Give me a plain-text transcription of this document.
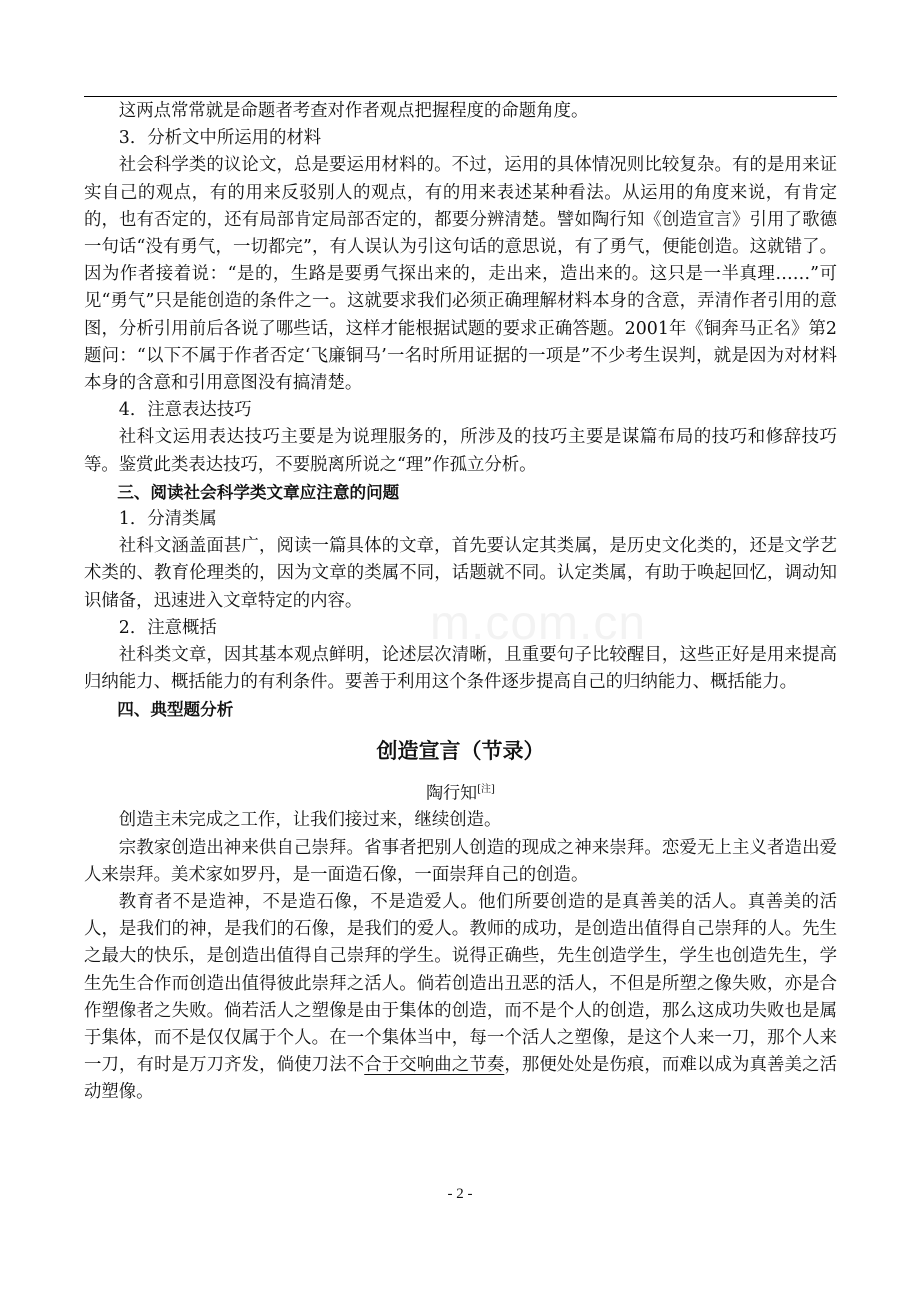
m.com.cn

这两点常常就是命题者考查对作者观点把握程度的命题角度。

3．分析文中所运用的材料

社会科学类的议论文，总是要运用材料的。不过，运用的具体情况则比较复杂。有的是用来证实自己的观点，有的用来反驳别人的观点，有的用来表述某种看法。从运用的角度来说，有肯定的，也有否定的，还有局部肯定局部否定的，都要分辨清楚。譬如陶行知《创造宣言》引用了歌德一句话“没有勇气，一切都完”，有人误认为引这句话的意思说，有了勇气，便能创造。这就错了。因为作者接着说：“是的，生路是要勇气探出来的，走出来，造出来的。这只是一半真理……”可见“勇气”只是能创造的条件之一。这就要求我们必须正确理解材料本身的含意，弄清作者引用的意图，分析引用前后各说了哪些话，这样才能根据试题的要求正确答题。2001年《铜奔马正名》第2题问：“以下不属于作者否定‘飞廉铜马’一名时所用证据的一项是”不少考生误判，就是因为对材料本身的含意和引用意图没有搞清楚。

4．注意表达技巧

社科文运用表达技巧主要是为说理服务的，所涉及的技巧主要是谋篇布局的技巧和修辞技巧等。鉴赏此类表达技巧，不要脱离所说之“理”作孤立分析。

三、阅读社会科学类文章应注意的问题

1．分清类属

社科文涵盖面甚广，阅读一篇具体的文章，首先要认定其类属，是历史文化类的，还是文学艺术类的、教育伦理类的，因为文章的类属不同，话题就不同。认定类属，有助于唤起回忆，调动知识储备，迅速进入文章特定的内容。

2．注意概括

社科类文章，因其基本观点鲜明，论述层次清晰，且重要句子比较醒目，这些正好是用来提高归纳能力、概括能力的有利条件。要善于利用这个条件逐步提高自己的归纳能力、概括能力。

四、典型题分析

创造宣言（节录）

陶行知[注]

创造主未完成之工作，让我们接过来，继续创造。

宗教家创造出神来供自己崇拜。省事者把别人创造的现成之神来崇拜。恋爱无上主义者造出爱人来崇拜。美术家如罗丹，是一面造石像，一面崇拜自己的创造。

教育者不是造神，不是造石像，不是造爱人。他们所要创造的是真善美的活人。真善美的活人，是我们的神，是我们的石像，是我们的爱人。教师的成功，是创造出值得自己崇拜的人。先生之最大的快乐，是创造出值得自己崇拜的学生。说得正确些，先生创造学生，学生也创造先生，学生先生合作而创造出值得彼此崇拜之活人。倘若创造出丑恶的活人，不但是所塑之像失败，亦是合作塑像者之失败。倘若活人之塑像是由于集体的创造，而不是个人的创造，那么这成功失败也是属于集体，而不是仅仅属于个人。在一个集体当中，每一个活人之塑像，是这个人来一刀，那个人来一刀，有时是万刀齐发，倘使刀法不合于交响曲之节奏，那便处处是伤痕，而难以成为真善美之活动塑像。

- 2 -
